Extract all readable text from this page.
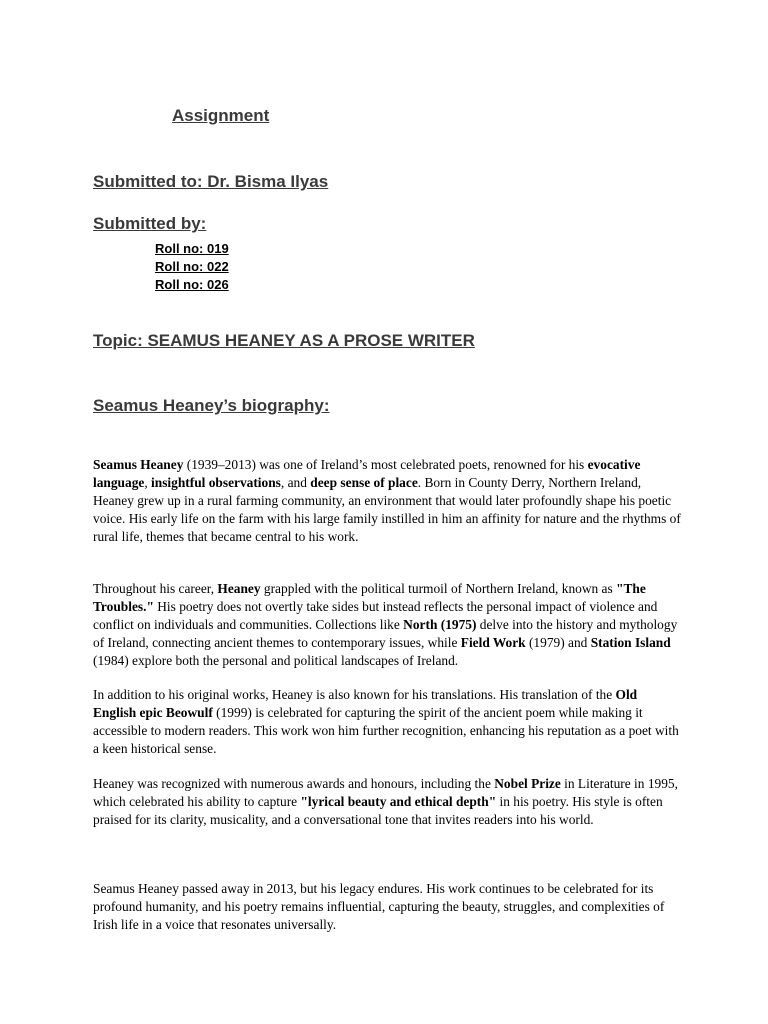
Assignment
Submitted to: Dr. Bisma Ilyas
Submitted by:
Roll no: 019
Roll no: 022
Roll no: 026
Topic: SEAMUS HEANEY AS A PROSE WRITER
Seamus Heaney’s biography:

Seamus Heaney (1939–2013) was one of Ireland’s most celebrated poets, renowned for his evocative language, insightful observations, and deep sense of place. Born in County Derry, Northern Ireland, Heaney grew up in a rural farming community, an environment that would later profoundly shape his poetic voice. His early life on the farm with his large family instilled in him an affinity for nature and the rhythms of rural life, themes that became central to his work.

Throughout his career, Heaney grappled with the political turmoil of Northern Ireland, known as "The Troubles." His poetry does not overtly take sides but instead reflects the personal impact of violence and conflict on individuals and communities. Collections like North (1975) delve into the history and mythology of Ireland, connecting ancient themes to contemporary issues, while Field Work (1979) and Station Island (1984) explore both the personal and political landscapes of Ireland.

In addition to his original works, Heaney is also known for his translations. His translation of the Old English epic Beowulf (1999) is celebrated for capturing the spirit of the ancient poem while making it accessible to modern readers. This work won him further recognition, enhancing his reputation as a poet with a keen historical sense.

Heaney was recognized with numerous awards and honours, including the Nobel Prize in Literature in 1995, which celebrated his ability to capture "lyrical beauty and ethical depth" in his poetry. His style is often praised for its clarity, musicality, and a conversational tone that invites readers into his world.

Seamus Heaney passed away in 2013, but his legacy endures. His work continues to be celebrated for its profound humanity, and his poetry remains influential, capturing the beauty, struggles, and complexities of Irish life in a voice that resonates universally.
